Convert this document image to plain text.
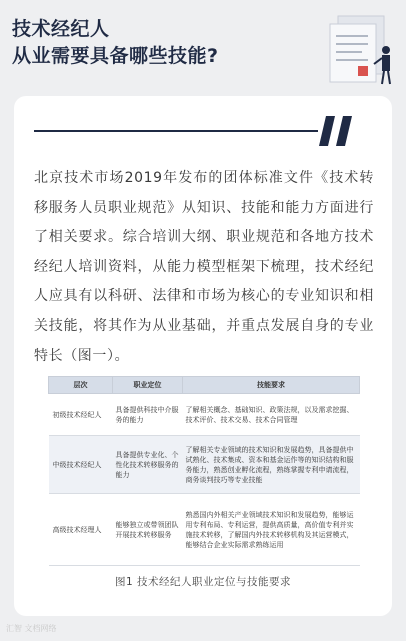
技术经纪人
从业需要具备哪些技能?
北京技术市场2019年发布的团体标准文件《技术转移服务人员职业规范》从知识、技能和能力方面进行了相关要求。综合培训大纲、职业规范和各地方技术经纪人培训资料，从能力模型框架下梳理，技术经纪人应具有以科研、法律和市场为核心的专业知识和相关技能，将其作为从业基础，并重点发展自身的专业特长（图一）。
层次	职业定位	技能要求
初级技术经纪人	具备提供科技中介服务的能力	了解相关概念、基础知识、政策法规，以及需求挖掘、技术评价、技术交易、技术合同管理
中级技术经纪人	具备提供专业化、个性化技术转移服务的能力	了解相关专业领域的技术知识和发展趋势，具备提供中试熟化、技术集成、资本和基金运作等的知识结构和服务能力，熟悉创业孵化流程，熟练掌握专利申请流程，商务谈判技巧等专业技能
高级技术经理人	能够独立或带领团队开展技术转移服务	熟悉国内外相关产业领域技术知识和发展趋势，能够运用专利布局、专利运营，提供高质量，高价值专利并实施技术转移，了解国内外技术转移机构及其运营模式，能够结合企业实际需求熟练运用
图1 技术经纪人职业定位与技能要求
汇智 文档网络
